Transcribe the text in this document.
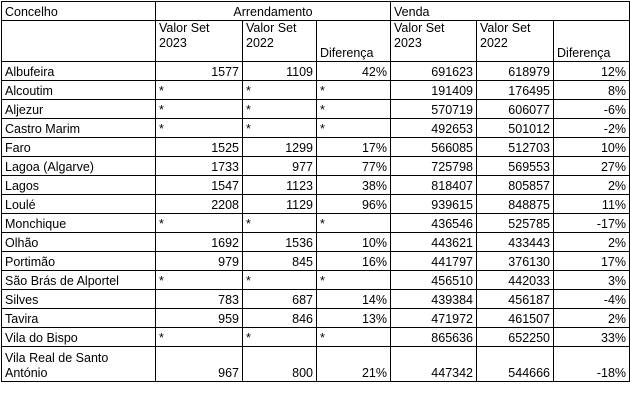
Concelho	Arrendamento			Venda		
	Valor Set 2023	Valor Set 2022	Diferença	Valor Set 2023	Valor Set 2022	Diferença
Albufeira	1577	1109	42%	691623	618979	12%
Alcoutim	*	*	*	191409	176495	8%
Aljezur	*	*	*	570719	606077	-6%
Castro Marim	*	*	*	492653	501012	-2%
Faro	1525	1299	17%	566085	512703	10%
Lagoa (Algarve)	1733	977	77%	725798	569553	27%
Lagos	1547	1123	38%	818407	805857	2%
Loulé	2208	1129	96%	939615	848875	11%
Monchique	*	*	*	436546	525785	-17%
Olhão	1692	1536	10%	443621	433443	2%
Portimão	979	845	16%	441797	376130	17%
São Brás de Alportel	*	*	*	456510	442033	3%
Silves	783	687	14%	439384	456187	-4%
Tavira	959	846	13%	471972	461507	2%
Vila do Bispo	*	*	*	865636	652250	33%
Vila Real de Santo António	967	800	21%	447342	544666	-18%
